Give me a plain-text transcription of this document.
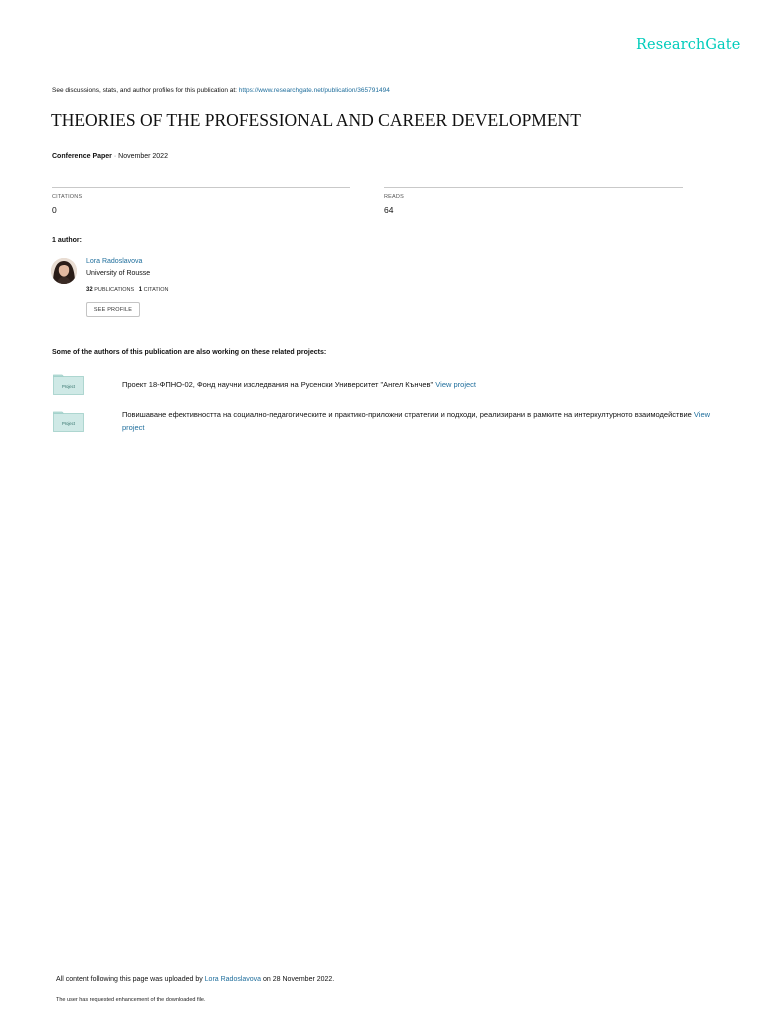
ResearchGate
See discussions, stats, and author profiles for this publication at: https://www.researchgate.net/publication/365791494
THEORIES OF THE PROFESSIONAL AND CAREER DEVELOPMENT
Conference Paper · November 2022
CITATIONS
0
READS
64
1 author:
Lora Radoslavova
University of Rousse
32 PUBLICATIONS 1 CITATION
SEE PROFILE
Some of the authors of this publication are also working on these related projects:
Project	Проект 18-ФПНО-02, Фонд научни изследвания на Русенски Университет "Ангел Кънчев" View project
Project
Повишаване ефективността на социално-педагогическите и практико-приложни стратегии и подходи, реализирани в рамките на интеркултурното взаимодействие View project
All content following this page was uploaded by Lora Radoslavova on 28 November 2022.
The user has requested enhancement of the downloaded file.
